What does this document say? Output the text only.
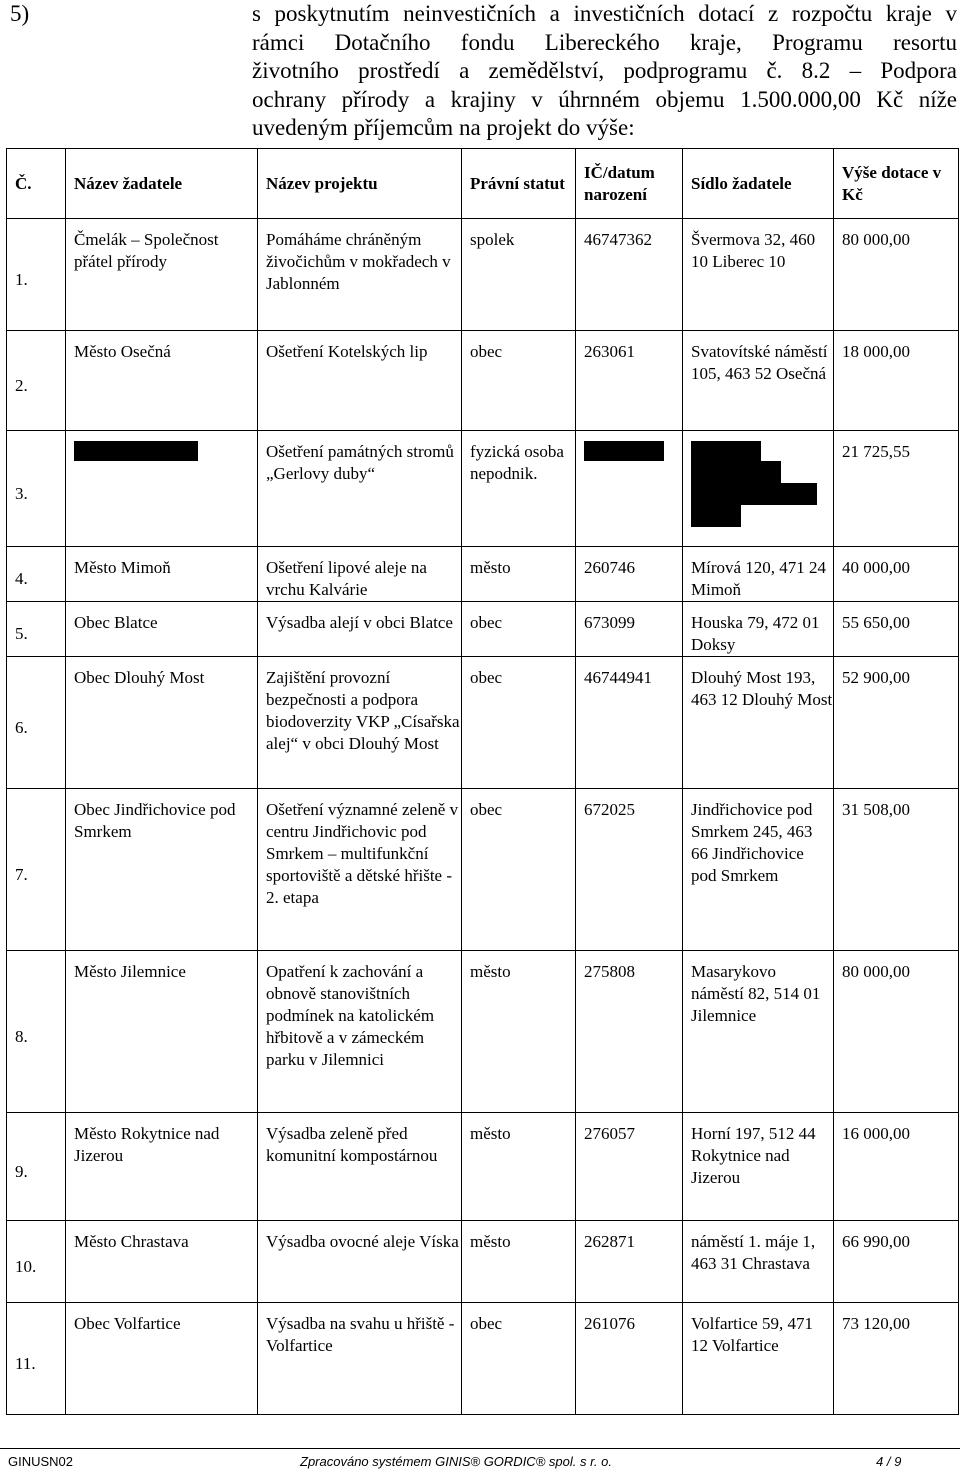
5)	s poskytnutím neinvestičních a investičních dotací z rozpočtu kraje v
rámci Dotačního fondu Libereckého kraje, Programu resortu
životního prostředí a zemědělství, podprogramu č. 8.2 – Podpora
ochrany přírody a krajiny v úhrnném objemu 1.500.000,00 Kč níže
uvedeným příjemcům na projekt do výše:
Č.	Název žadatele	Název projektu	Právní statut	IČ/datum narození	Sídlo žadatele	Výše dotace v Kč
1.	Čmelák – Společnost přátel přírody	Pomáháme chráněným živočichům v mokřadech v Jablonném	spolek	46747362	Švermova 32, 460 10 Liberec 10	80 000,00
2.	Město Osečná	Ošetření Kotelských lip	obec	263061	Svatovítské náměstí 105, 463 52 Osečná	18 000,00
3.		Ošetření památných stromů „Gerlovy duby“	fyzická osoba nepodnik.			21 725,55
4.	Město Mimoň	Ošetření lipové aleje na vrchu Kalvárie	město	260746	Mírová 120, 471 24 Mimoň	40 000,00
5.	Obec Blatce	Výsadba alejí v obci Blatce	obec	673099	Houska 79, 472 01 Doksy	55 650,00
6.	Obec Dlouhý Most	Zajištění provozní bezpečnosti a podpora biodoverzity VKP „Císařska alej“ v obci Dlouhý Most	obec	46744941	Dlouhý Most 193, 463 12 Dlouhý Most	52 900,00
7.	Obec Jindřichovice pod Smrkem	Ošetření významné zeleně v centru Jindřichovic pod Smrkem – multifunkční sportoviště a dětské hřište - 2. etapa	obec	672025	Jindřichovice pod Smrkem 245, 463 66 Jindřichovice pod Smrkem	31 508,00
8.	Město Jilemnice	Opatření k zachování a obnově stanovištních podmínek na katolickém hřbitově a v zámeckém parku v Jilemnici	město	275808	Masarykovo náměstí 82, 514 01 Jilemnice	80 000,00
9.	Město Rokytnice nad Jizerou	Výsadba zeleně před komunitní kompostárnou	město	276057	Horní 197, 512 44 Rokytnice nad Jizerou	16 000,00
10.	Město Chrastava	Výsadba ovocné aleje Víska	město	262871	náměstí 1. máje 1, 463 31 Chrastava	66 990,00
11.	Obec Volfartice	Výsadba na svahu u hřiště - Volfartice	obec	261076	Volfartice 59, 471 12 Volfartice	73 120,00
GINUSN02	Zpracováno systémem GINIS® GORDIC® spol. s r. o.	4 / 9
